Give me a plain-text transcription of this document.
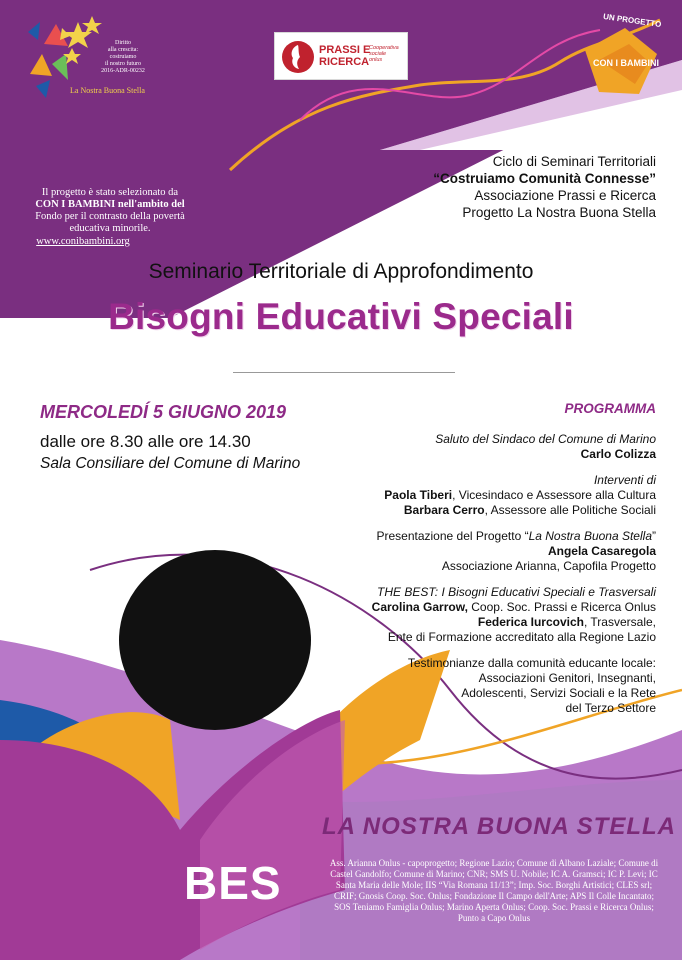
La Nostra Buona Stella
Diritto
alla crescita:
costruiamo
il nostro futuro
2016-ADR-00232
PRASSI E
RICERCA
Cooperativa
sociale
onlus
UN PROGETTO
CON I BAMBINI
Ciclo di Seminari Territoriali
“Costruiamo Comunità Connesse”
Associazione Prassi e Ricerca
Progetto La Nostra Buona Stella
Il progetto è stato selezionato da
CON I BAMBINI nell'ambito del
Fondo per il contrasto della povertà
educativa minorile.
www.conibambini.org
Seminario Territoriale di Approfondimento
Bisogni Educativi Speciali
MERCOLEDÍ 5 GIUGNO 2019
dalle ore 8.30 alle ore 14.30
Sala Consiliare del Comune di Marino
PROGRAMMA
Saluto del Sindaco del Comune di Marino
Carlo Colizza
Interventi di
Paola Tiberi, Vicesindaco e Assessore alla Cultura
Barbara Cerro, Assessore alle Politiche Sociali
Presentazione del Progetto “La Nostra Buona Stella”
Angela Casaregola
Associazione Arianna, Capofila Progetto
THE BEST: I Bisogni Educativi Speciali e Trasversali
Carolina Garrow, Coop. Soc. Prassi e Ricerca Onlus
Federica Iurcovich, Trasversale,
Ente di Formazione accreditato alla Regione Lazio
Testimonianze dalla comunità educante locale:
Associazioni Genitori, Insegnanti,
Adolescenti, Servizi Sociali e la Rete
del Terzo Settore
LA NOSTRA BUONA STELLA
Ass. Arianna Onlus - capoprogetto; Regione Lazio; Comune di Albano Laziale; Comune di Castel Gandolfo; Comune di Marino; CNR; SMS U. Nobile; IC A. Gramsci; IC P. Levi; IC Santa Maria delle Mole; IIS “Via Romana 11/13”; Imp. Soc. Borghi Artistici; CLES srl; CRIF; Gnosis Coop. Soc. Onlus; Fondazione Il Campo dell'Arte; APS Il Colle Incantato; SOS Teniamo Famiglia Onlus; Marino Aperta Onlus; Coop. Soc. Prassi e Ricerca Onlus; Punto a Capo Onlus
BES
